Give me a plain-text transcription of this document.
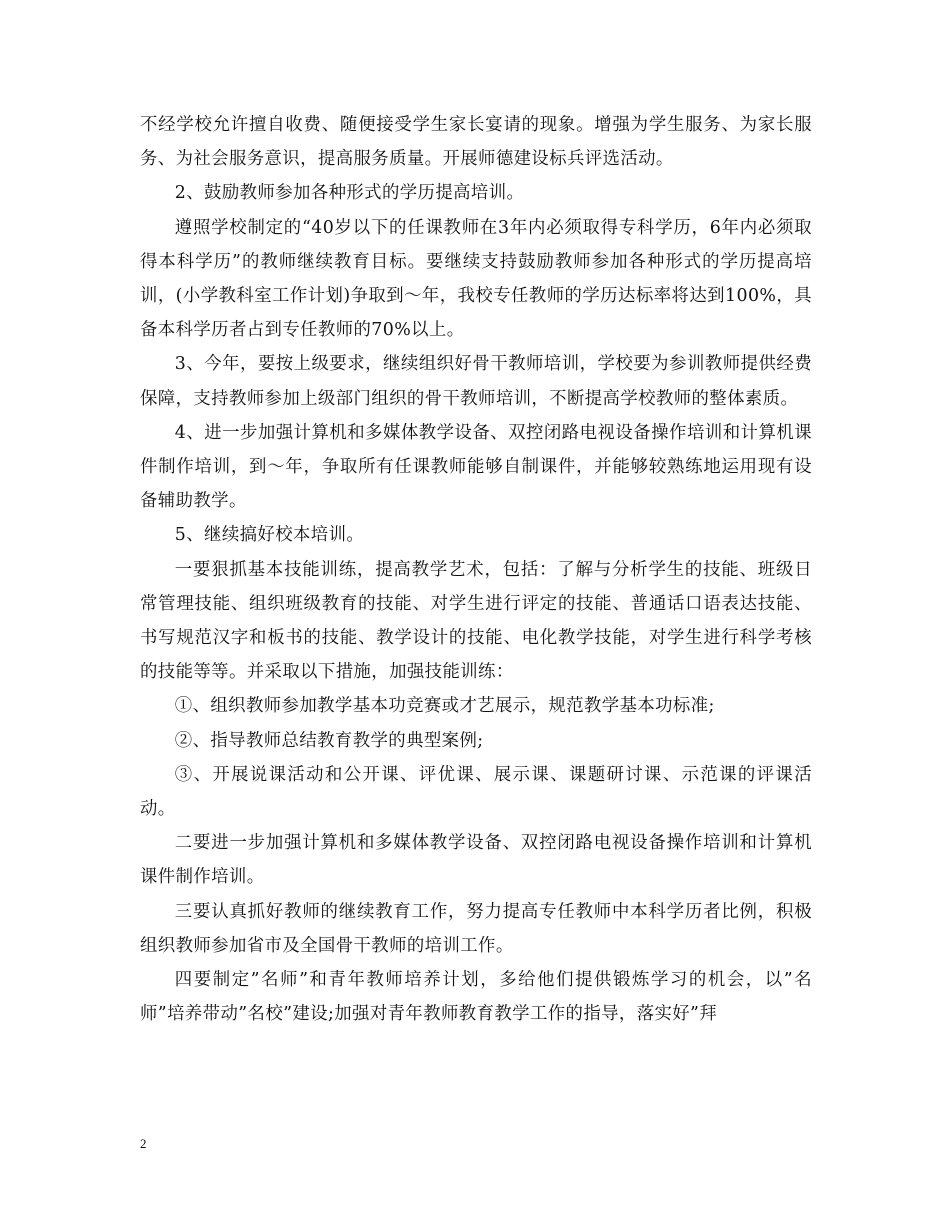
不经学校允许擅自收费、随便接受学生家长宴请的现象。增强为学生服务、为家长服务、为社会服务意识，提高服务质量。开展师德建设标兵评选活动。

2、鼓励教师参加各种形式的学历提高培训。

遵照学校制定的“40岁以下的任课教师在3年内必须取得专科学历，6年内必须取得本科学历”的教师继续教育目标。要继续支持鼓励教师参加各种形式的学历提高培训，(小学教科室工作计划)争取到～年，我校专任教师的学历达标率将达到100%，具备本科学历者占到专任教师的70%以上。

3、今年，要按上级要求，继续组织好骨干教师培训，学校要为参训教师提供经费保障，支持教师参加上级部门组织的骨干教师培训，不断提高学校教师的整体素质。

4、进一步加强计算机和多媒体教学设备、双控闭路电视设备操作培训和计算机课件制作培训，到～年，争取所有任课教师能够自制课件，并能够较熟练地运用现有设备辅助教学。

5、继续搞好校本培训。

一要狠抓基本技能训练，提高教学艺术，包括：了解与分析学生的技能、班级日常管理技能、组织班级教育的技能、对学生进行评定的技能、普通话口语表达技能、书写规范汉字和板书的技能、教学设计的技能、电化教学技能，对学生进行科学考核的技能等等。并采取以下措施，加强技能训练：

①、组织教师参加教学基本功竞赛或才艺展示，规范教学基本功标准;

②、指导教师总结教育教学的典型案例;

③、开展说课活动和公开课、评优课、展示课、课题研讨课、示范课的评课活动。

二要进一步加强计算机和多媒体教学设备、双控闭路电视设备操作培训和计算机课件制作培训。

三要认真抓好教师的继续教育工作，努力提高专任教师中本科学历者比例，积极组织教师参加省市及全国骨干教师的培训工作。

四要制定”名师”和青年教师培养计划，多给他们提供锻炼学习的机会，以”名师”培养带动”名校”建设;加强对青年教师教育教学工作的指导，落实好”拜

2
